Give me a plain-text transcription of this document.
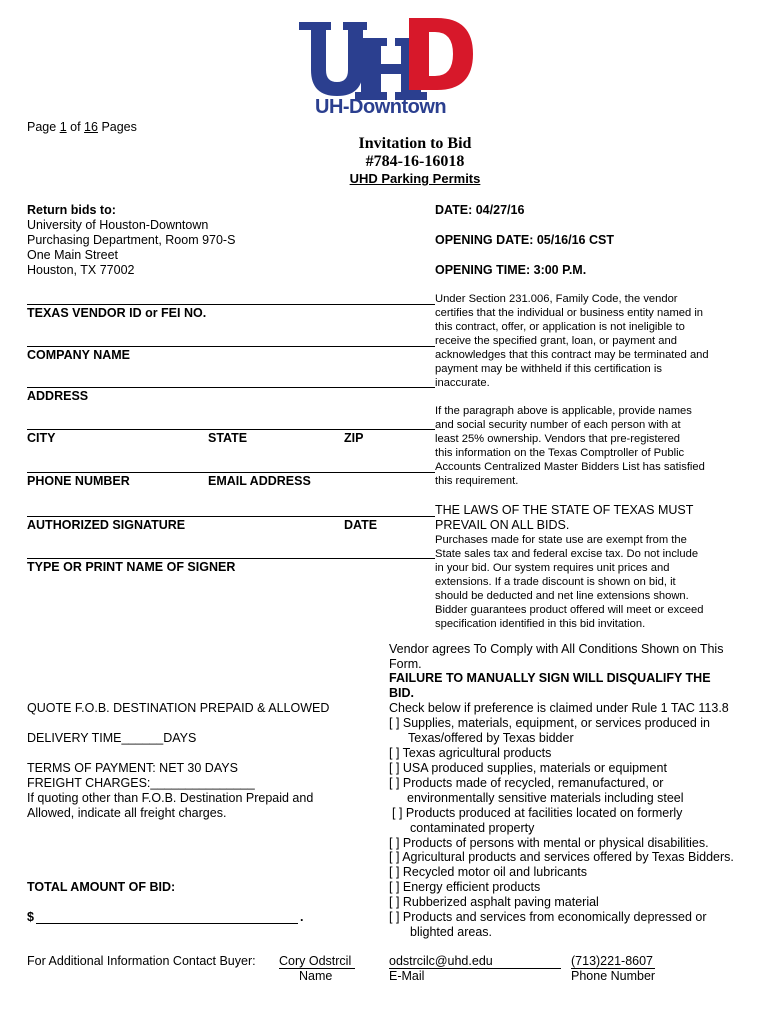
UH-Downtown
Page 1 of 16 Pages
Invitation to Bid
#784-16-16018
UHD Parking Permits
Return bids to:
University of Houston-Downtown
Purchasing Department, Room 970-S
One Main Street
Houston, TX 77002
DATE: 04/27/16
OPENING DATE: 05/16/16 CST
OPENING TIME: 3:00 P.M.
TEXAS VENDOR ID or FEI NO.
COMPANY NAME
ADDRESS
CITY	STATE	ZIP
PHONE NUMBER	EMAIL ADDRESS
AUTHORIZED SIGNATURE	DATE
TYPE OR PRINT NAME OF SIGNER
Under Section 231.006, Family Code, the vendor
certifies that the individual or business entity named in
this contract, offer, or application is not ineligible to
receive the specified grant, loan, or payment and
acknowledges that this contract may be terminated and
payment may be withheld if this certification is
inaccurate.
If the paragraph above is applicable, provide names
and social security number of each person with at
least 25% ownership. Vendors that pre-registered
this information on the Texas Comptroller of Public
Accounts Centralized Master Bidders List has satisfied
this requirement.
THE LAWS OF THE STATE OF TEXAS MUST
PREVAIL ON ALL BIDS.
Purchases made for state use are exempt from the
State sales tax and federal excise tax. Do not include
in your bid. Our system requires unit prices and
extensions. If a trade discount is shown on bid, it
should be deducted and net line extensions shown.
Bidder guarantees product offered will meet or exceed
specification identified in this bid invitation.
Vendor agrees To Comply with All Conditions Shown on This
Form.
FAILURE TO MANUALLY SIGN WILL DISQUALIFY THE
BID.
Check below if preference is claimed under Rule 1 TAC 113.8
[ ] Supplies, materials, equipment, or services produced in
Texas/offered by Texas bidder
[ ] Texas agricultural products
[ ] USA produced supplies, materials or equipment
[ ] Products made of recycled, remanufactured, or
environmentally sensitive materials including steel
[ ] Products produced at facilities located on formerly
contaminated property
[ ] Products of persons with mental or physical disabilities.
[ ] Agricultural products and services offered by Texas Bidders.
[ ] Recycled motor oil and lubricants
[ ] Energy efficient products
[ ] Rubberized asphalt paving material
[ ] Products and services from economically depressed or
blighted areas.
QUOTE F.O.B. DESTINATION PREPAID & ALLOWED
DELIVERY TIME______DAYS
TERMS OF PAYMENT: NET 30 DAYS
FREIGHT CHARGES:_______________
If quoting other than F.O.B. Destination Prepaid and
Allowed, indicate all freight charges.
TOTAL AMOUNT OF BID:
$	.
For Additional Information Contact Buyer: Cory Odstrcil	odstrcilc@uhd.edu	(713)221-8607
Name	E-Mail	Phone Number
